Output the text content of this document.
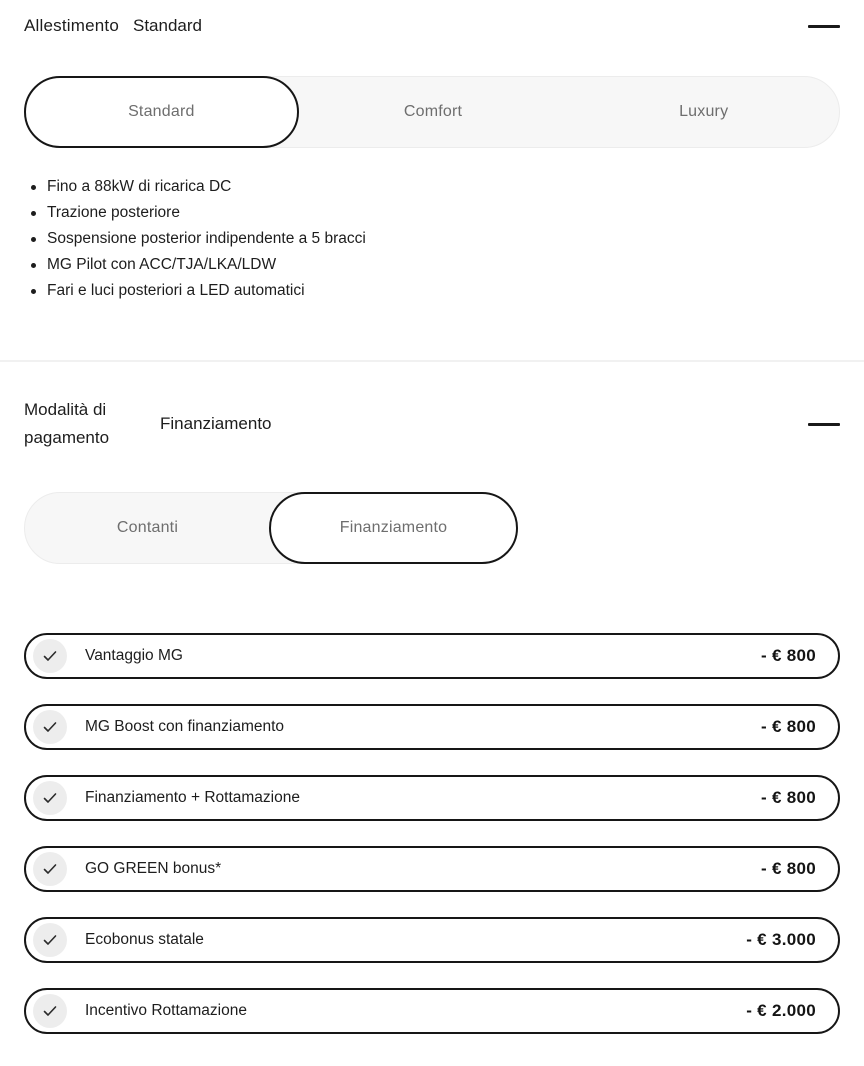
Allestimento Standard
Standard	Comfort	Luxury
Fino a 88kW di ricarica DC
Trazione posteriore
Sospensione posterior indipendente a 5 bracci
MG Pilot con ACC/TJA/LKA/LDW
Fari e luci posteriori a LED automatici
Modalità di pagamento
Finanziamento
Contanti	Finanziamento
Vantaggio MG	- € 800
MG Boost con finanziamento	- € 800
Finanziamento + Rottamazione	- € 800
GO GREEN bonus*	- € 800
Ecobonus statale	- € 3.000
Incentivo Rottamazione	- € 2.000
